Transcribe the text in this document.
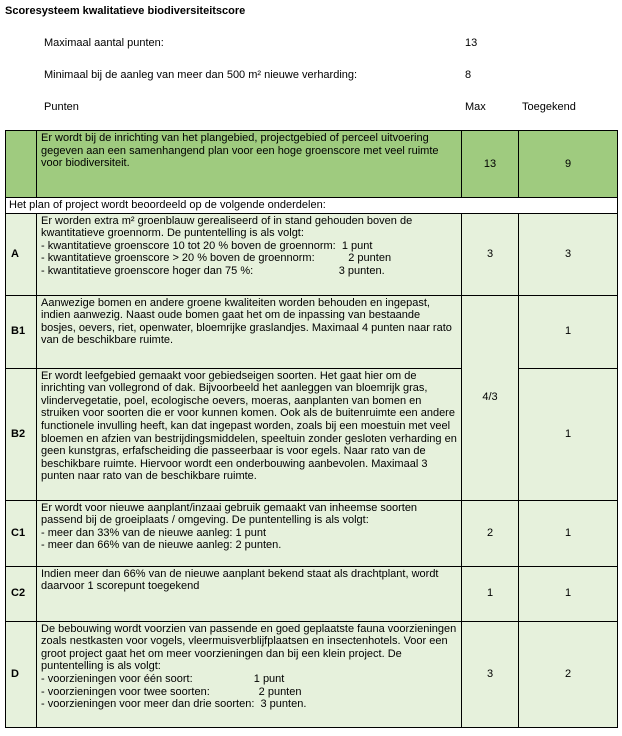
Scoresysteem kwalitatieve biodiversiteitscore
Maximaal aantal punten:	13
Minimaal bij de aanleg van meer dan 500 m² nieuwe verharding:	8
Punten	Max	Toegekend
	Er wordt bij de inrichting van het plangebied, projectgebied of perceel uitvoering gegeven aan een samenhangend plan voor een hoge groenscore met veel ruimte voor biodiversiteit.	13	9
Het plan of project wordt beoordeeld op de volgende onderdelen:			
A	Er worden extra m² groenblauw gerealiseerd of in stand gehouden boven de kwantitatieve groennorm. De puntentelling is als volgt:
- kwantitatieve groenscore 10 tot 20 % boven de groennorm:  1 punt
- kwantitatieve groenscore > 20 % boven de groennorm:           2 punten
- kwantitatieve groenscore hoger dan 75 %:                            3 punten.	3	3
B1	Aanwezige bomen en andere groene kwaliteiten worden behouden en ingepast, indien aanwezig. Naast oude bomen gaat het om de inpassing van bestaande bosjes, oevers, riet, openwater, bloemrijke graslandjes. Maximaal 4 punten naar rato van de beschikbare ruimte.	4/3	1
B2	Er wordt leefgebied gemaakt voor gebiedseigen soorten. Het gaat hier om de inrichting van vollegrond of dak. Bijvoorbeeld het aanleggen van bloemrijk gras, vlindervegetatie, poel, ecologische oevers, moeras, aanplanten van bomen en struiken voor soorten die er voor kunnen komen. Ook als de buitenruimte een andere functionele invulling heeft, kan dat ingepast worden, zoals bij een moestuin met veel bloemen en afzien van bestrijdingsmiddelen, speeltuin zonder gesloten verharding en geen kunstgras, erfafscheiding die passeerbaar is voor egels. Naar rato van de beschikbare ruimte. Hiervoor wordt een onderbouwing aanbevolen. Maximaal 3 punten naar rato van de beschikbare ruimte.		1
C1	Er wordt voor nieuwe aanplant/inzaai gebruik gemaakt van inheemse soorten passend bij de groeiplaats / omgeving. De puntentelling is als volgt:
- meer dan 33% van de nieuwe aanleg: 1 punt
- meer dan 66% van de nieuwe aanleg: 2 punten.	2	1
C2	Indien meer dan 66% van de nieuwe aanplant bekend staat als drachtplant, wordt daarvoor 1 scorepunt toegekend	1	1
D	De bebouwing wordt voorzien van passende en goed geplaatste fauna voorzieningen zoals nestkasten voor vogels, vleermuisverblijfplaatsen en insectenhotels. Voor een groot project gaat het om meer voorzieningen dan bij een klein project. De puntentelling is als volgt:
- voorzieningen voor één soort:                    1 punt
- voorzieningen voor twee soorten:                2 punten
- voorzieningen voor meer dan drie soorten:  3 punten.	3	2
